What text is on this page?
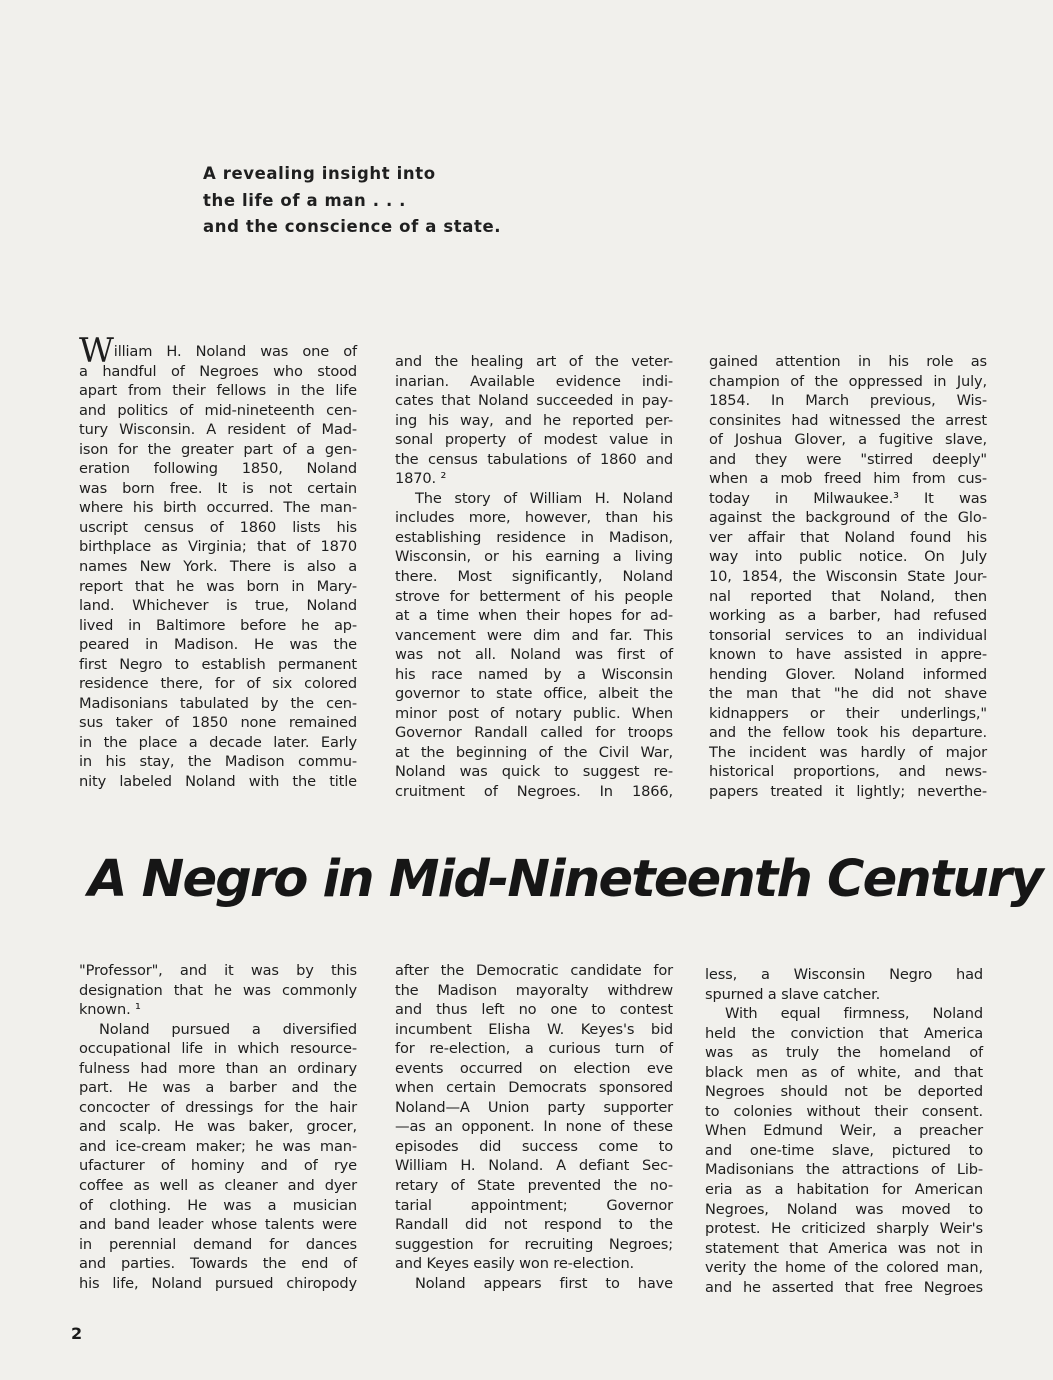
A revealing insight into
the life of a man . . .
and the conscience of a state.
W illiam H. Noland was one of
a handful of Negroes who stood
apart from their fellows in the life
and politics of mid-nineteenth cen-
tury Wisconsin. A resident of Mad-
ison for the greater part of a gen-
eration following 1850, Noland
was born free. It is not certain
where his birth occurred. The man-
uscript census of 1860 lists his
birthplace as Virginia; that of 1870
names New York. There is also a
report that he was born in Mary-
land. Whichever is true, Noland
lived in Baltimore before he ap-
peared in Madison. He was the
first Negro to establish permanent
residence there, for of six colored
Madisonians tabulated by the cen-
sus taker of 1850 none remained
in the place a decade later. Early
in his stay, the Madison commu-
nity labeled Noland with the title
and the healing art of the veter-
inarian. Available evidence indi-
cates that Noland succeeded in pay-
ing his way, and he reported per-
sonal property of modest value in
the census tabulations of 1860 and
1870. ²
The story of William H. Noland
includes more, however, than his
establishing residence in Madison,
Wisconsin, or his earning a living
there. Most significantly, Noland
strove for betterment of his people
at a time when their hopes for ad-
vancement were dim and far. This
was not all. Noland was first of
his race named by a Wisconsin
governor to state office, albeit the
minor post of notary public. When
Governor Randall called for troops
at the beginning of the Civil War,
Noland was quick to suggest re-
cruitment of Negroes. In 1866,
gained attention in his role as
champion of the oppressed in July,
1854. In March previous, Wis-
consinites had witnessed the arrest
of Joshua Glover, a fugitive slave,
and they were "stirred deeply"
when a mob freed him from cus-
today in Milwaukee.³ It was
against the background of the Glo-
ver affair that Noland found his
way into public notice. On July
10, 1854, the Wisconsin State Jour-
nal reported that Noland, then
working as a barber, had refused
tonsorial services to an individual
known to have assisted in appre-
hending Glover. Noland informed
the man that "he did not shave
kidnappers or their underlings,"
and the fellow took his departure.
The incident was hardly of major
historical proportions, and news-
papers treated it lightly; neverthe-
A Negro in Mid-Nineteenth Century
"Professor", and it was by this
designation that he was commonly
known. ¹
Noland pursued a diversified
occupational life in which resource-
fulness had more than an ordinary
part. He was a barber and the
concocter of dressings for the hair
and scalp. He was baker, grocer,
and ice-cream maker; he was man-
ufacturer of hominy and of rye
coffee as well as cleaner and dyer
of clothing. He was a musician
and band leader whose talents were
in perennial demand for dances
and parties. Towards the end of
his life, Noland pursued chiropody
after the Democratic candidate for
the Madison mayoralty withdrew
and thus left no one to contest
incumbent Elisha W. Keyes's bid
for re-election, a curious turn of
events occurred on election eve
when certain Democrats sponsored
Noland—A Union party supporter
—as an opponent. In none of these
episodes did success come to
William H. Noland. A defiant Sec-
retary of State prevented the no-
tarial appointment; Governor
Randall did not respond to the
suggestion for recruiting Negroes;
and Keyes easily won re-election.
Noland appears first to have
less, a Wisconsin Negro had
spurned a slave catcher.
With equal firmness, Noland
held the conviction that America
was as truly the homeland of
black men as of white, and that
Negroes should not be deported
to colonies without their consent.
When Edmund Weir, a preacher
and one-time slave, pictured to
Madisonians the attractions of Lib-
eria as a habitation for American
Negroes, Noland was moved to
protest. He criticized sharply Weir's
statement that America was not in
verity the home of the colored man,
and he asserted that free Negroes
2
